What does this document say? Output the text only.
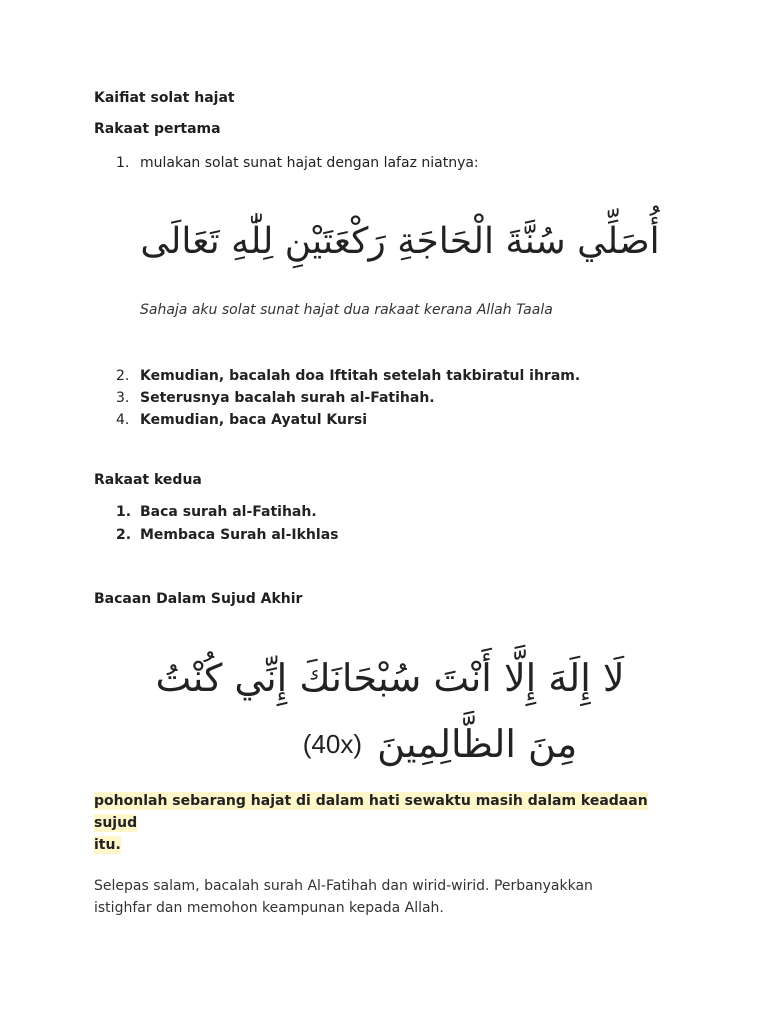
Kaifiat solat hajat
Rakaat pertama
1. mulakan solat sunat hajat dengan lafaz niatnya:
أُصَلِّي سُنَّةَ الْحَاجَةِ رَكْعَتَيْنِ لِلّٰهِ تَعَالَى
Sahaja aku solat sunat hajat dua rakaat kerana Allah Taala
2. Kemudian, bacalah doa Iftitah setelah takbiratul ihram.
3. Seterusnya bacalah surah al-Fatihah.
4. Kemudian, baca Ayatul Kursi
Rakaat kedua
1. Baca surah al-Fatihah.
2. Membaca Surah al-Ikhlas
Bacaan Dalam Sujud Akhir
لَا إِلَهَ إِلَّا أَنْتَ سُبْحَانَكَ إِنِّي كُنْتُ
(40x) مِنَ الظَّالِمِينَ
pohonlah sebarang hajat di dalam hati sewaktu masih dalam keadaan sujud
itu.
Selepas salam, bacalah surah Al-Fatihah dan wirid-wirid. Perbanyakkan
istighfar dan memohon keampunan kepada Allah.
